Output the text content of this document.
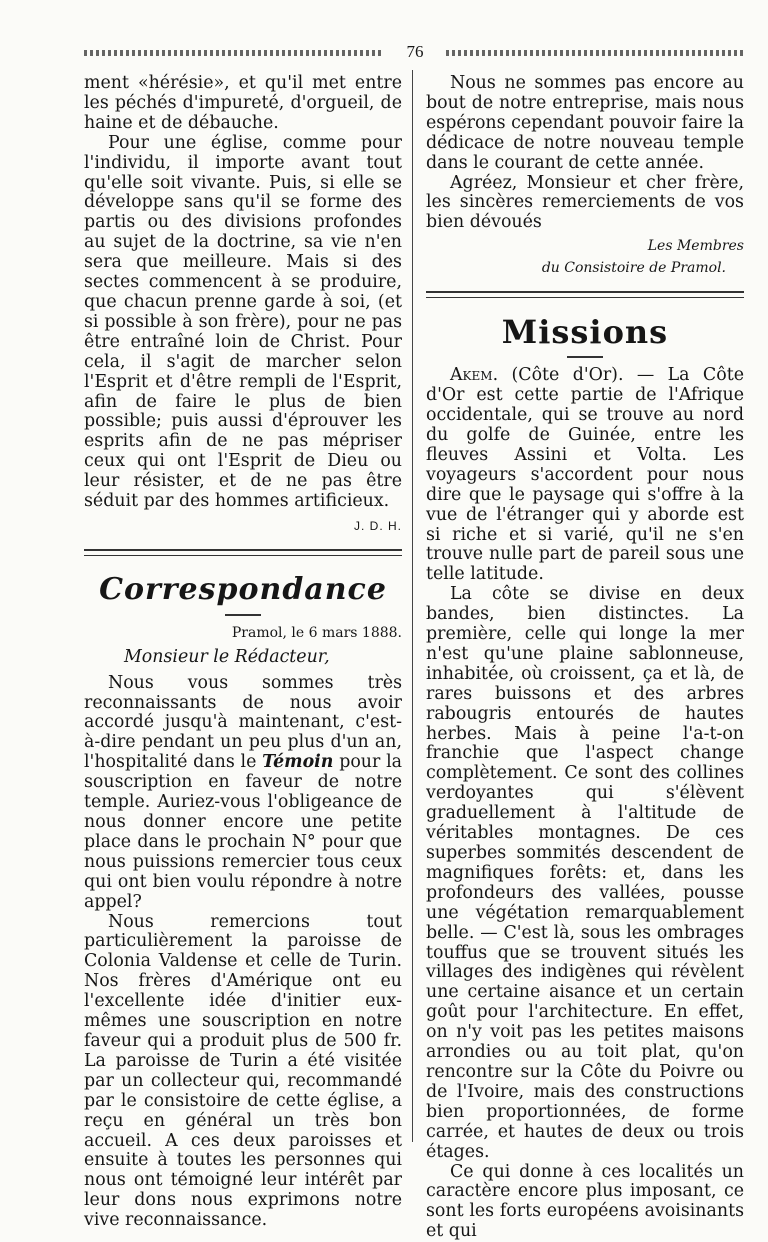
76

ment «hérésie», et qu'il met entre les péchés d'impureté, d'orgueil, de haine et de débauche.

Pour une église, comme pour l'individu, il importe avant tout qu'elle soit vivante. Puis, si elle se développe sans qu'il se forme des partis ou des divisions profondes au sujet de la doctrine, sa vie n'en sera que meilleure. Mais si des sectes commencent à se produire, que chacun prenne garde à soi, (et si possible à son frère), pour ne pas être entraîné loin de Christ. Pour cela, il s'agit de marcher selon l'Esprit et d'être rempli de l'Esprit, afin de faire le plus de bien possible; puis aussi d'éprouver les esprits afin de ne pas mépriser ceux qui ont l'Esprit de Dieu ou leur résister, et de ne pas être séduit par des hommes artificieux.

J. D. H.
Correspondance
Pramol, le 6 mars 1888.
Monsieur le Rédacteur,

Nous vous sommes très reconnaissants de nous avoir accordé jusqu'à maintenant, c'est-à-dire pendant un peu plus d'un an, l'hospitalité dans le Témoin pour la souscription en faveur de notre temple. Auriez-vous l'obligeance de nous donner encore une petite place dans le prochain N° pour que nous puissions remercier tous ceux qui ont bien voulu répondre à notre appel?

Nous remercions tout particulièrement la paroisse de Colonia Valdense et celle de Turin. Nos frères d'Amérique ont eu l'excellente idée d'initier eux-mêmes une souscription en notre faveur qui a produit plus de 500 fr. La paroisse de Turin a été visitée par un collecteur qui, recommandé par le consistoire de cette église, a reçu en général un très bon accueil. A ces deux paroisses et ensuite à toutes les personnes qui nous ont témoigné leur intérêt par leur dons nous exprimons notre vive reconnaissance.

Nous ne sommes pas encore au bout de notre entreprise, mais nous espérons cependant pouvoir faire la dédicace de notre nouveau temple dans le courant de cette année.

Agréez, Monsieur et cher frère, les sincères remerciements de vos bien dévoués

Les Membres
du Consistoire de Pramol.
Missions

Akem. (Côte d'Or). — La Côte d'Or est cette partie de l'Afrique occidentale, qui se trouve au nord du golfe de Guinée, entre les fleuves Assini et Volta. Les voyageurs s'accordent pour nous dire que le paysage qui s'offre à la vue de l'étranger qui y aborde est si riche et si varié, qu'il ne s'en trouve nulle part de pareil sous une telle latitude.

La côte se divise en deux bandes, bien distinctes. La première, celle qui longe la mer n'est qu'une plaine sablonneuse, inhabitée, où croissent, ça et là, de rares buissons et des arbres rabougris entourés de hautes herbes. Mais à peine l'a-t-on franchie que l'aspect change complètement. Ce sont des collines verdoyantes qui s'élèvent graduellement à l'altitude de véritables montagnes. De ces superbes sommités descendent de magnifiques forêts: et, dans les profondeurs des vallées, pousse une végétation remarquablement belle. — C'est là, sous les ombrages touffus que se trouvent situés les villages des indigènes qui révèlent une certaine aisance et un certain goût pour l'architecture. En effet, on n'y voit pas les petites maisons arrondies ou au toit plat, qu'on rencontre sur la Côte du Poivre ou de l'Ivoire, mais des constructions bien proportionnées, de forme carrée, et hautes de deux ou trois étages.

Ce qui donne à ces localités un caractère encore plus imposant, ce sont les forts européens avoisinants et qui
